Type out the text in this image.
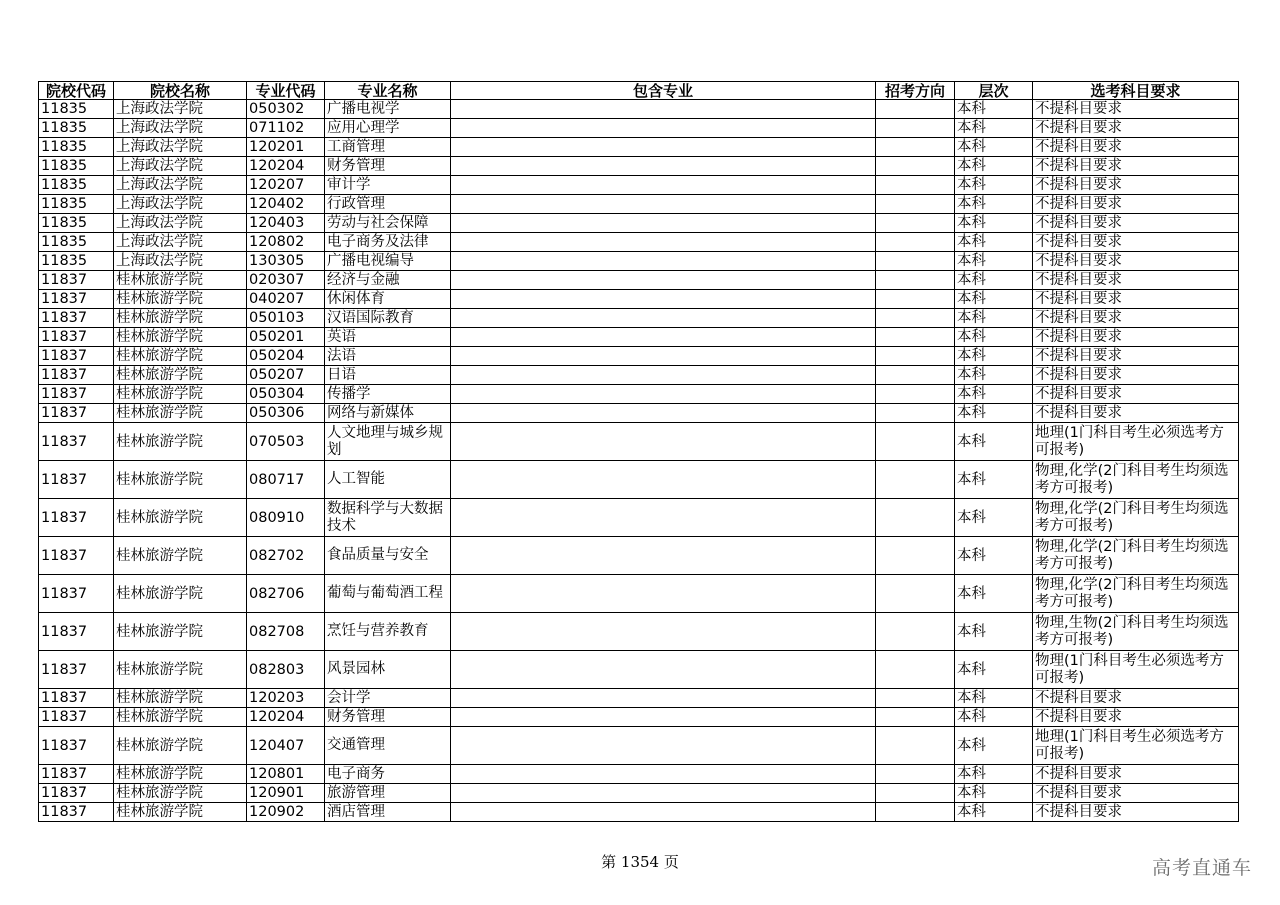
院校代码	院校名称	专业代码	专业名称	包含专业	招考方向	层次	选考科目要求
11835	上海政法学院	050302	广播电视学			本科	不提科目要求
11835	上海政法学院	071102	应用心理学			本科	不提科目要求
11835	上海政法学院	120201	工商管理			本科	不提科目要求
11835	上海政法学院	120204	财务管理			本科	不提科目要求
11835	上海政法学院	120207	审计学			本科	不提科目要求
11835	上海政法学院	120402	行政管理			本科	不提科目要求
11835	上海政法学院	120403	劳动与社会保障			本科	不提科目要求
11835	上海政法学院	120802	电子商务及法律			本科	不提科目要求
11835	上海政法学院	130305	广播电视编导			本科	不提科目要求
11837	桂林旅游学院	020307	经济与金融			本科	不提科目要求
11837	桂林旅游学院	040207	休闲体育			本科	不提科目要求
11837	桂林旅游学院	050103	汉语国际教育			本科	不提科目要求
11837	桂林旅游学院	050201	英语			本科	不提科目要求
11837	桂林旅游学院	050204	法语			本科	不提科目要求
11837	桂林旅游学院	050207	日语			本科	不提科目要求
11837	桂林旅游学院	050304	传播学			本科	不提科目要求
11837	桂林旅游学院	050306	网络与新媒体			本科	不提科目要求
11837	桂林旅游学院	070503	人文地理与城乡规划			本科	地理(1门科目考生必须选考方可报考)
11837	桂林旅游学院	080717	人工智能			本科	物理,化学(2门科目考生均须选考方可报考)
11837	桂林旅游学院	080910	数据科学与大数据技术			本科	物理,化学(2门科目考生均须选考方可报考)
11837	桂林旅游学院	082702	食品质量与安全			本科	物理,化学(2门科目考生均须选考方可报考)
11837	桂林旅游学院	082706	葡萄与葡萄酒工程			本科	物理,化学(2门科目考生均须选考方可报考)
11837	桂林旅游学院	082708	烹饪与营养教育			本科	物理,生物(2门科目考生均须选考方可报考)
11837	桂林旅游学院	082803	风景园林			本科	物理(1门科目考生必须选考方可报考)
11837	桂林旅游学院	120203	会计学			本科	不提科目要求
11837	桂林旅游学院	120204	财务管理			本科	不提科目要求
11837	桂林旅游学院	120407	交通管理			本科	地理(1门科目考生必须选考方可报考)
11837	桂林旅游学院	120801	电子商务			本科	不提科目要求
11837	桂林旅游学院	120901	旅游管理			本科	不提科目要求
11837	桂林旅游学院	120902	酒店管理			本科	不提科目要求
第 1354 页	高考直通车
